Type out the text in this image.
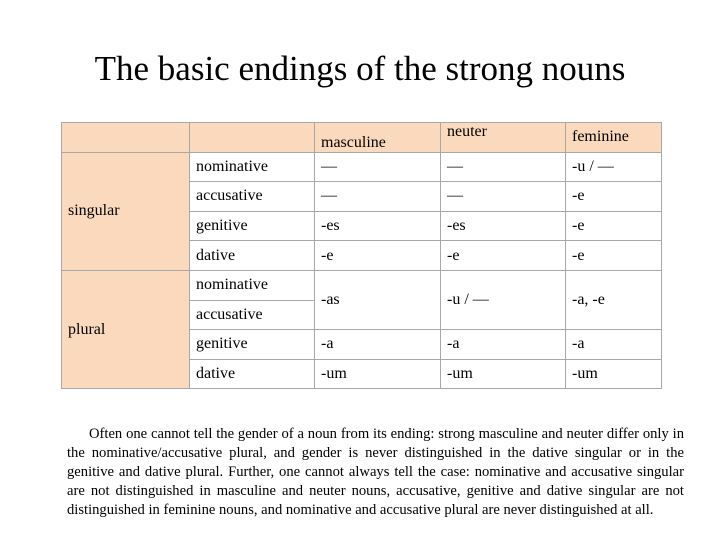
The basic endings of the strong nouns
		masculine	neuter	feminine
singular	nominative	—	—	-u / —
	accusative	—	—	-e
	genitive	-es	-es	-e
	dative	-e	-e	-e
plural	nominative	-as	-u / —	-a, -e
	accusative			
	genitive	-a	-a	-a
	dative	-um	-um	-um

Often one cannot tell the gender of a noun from its ending: strong masculine and neuter differ only in the nominative/accusative plural, and gender is never distinguished in the dative singular or in the genitive and dative plural. Further, one cannot always tell the case: nominative and accusative singular are not distinguished in masculine and neuter nouns, accusative, genitive and dative singular are not distinguished in feminine nouns, and nominative and accusative plural are never distinguished at all.
